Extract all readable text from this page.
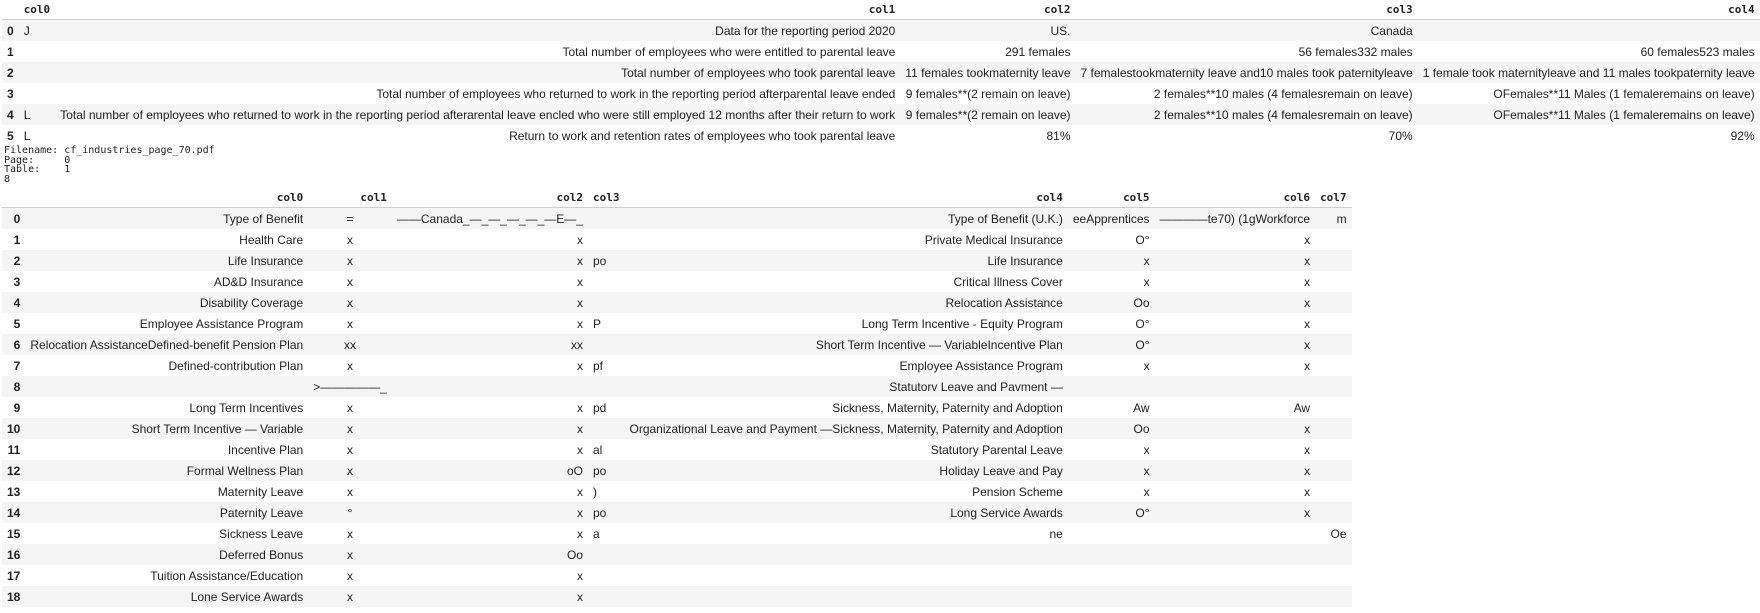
	col0	col1	col2	col3	col4
0	J	Data for the reporting period 2020	US.	Canada	
1		Total number of employees who were entitled to parental leave	291 females	56 females332 males	60 females523 males
2		Total number of employees who took parental leave	11 females tookmaternity leave	7 femalestookmaternity leave and10 males took paternityleave	1 female took maternityleave and 11 males tookpaternity leave
3		Total number of employees who returned to work in the reporting period afterparental leave ended	9 females**(2 remain on leave)	2 females**10 males (4 femalesremain on leave)	OFemales**11 Males (1 femaleremains on leave)
4	L	Total number of employees who returned to work in the reporting period afterarental leave encled who were still employed 12 months after their return to work	9 females**(2 remain on leave)	2 females**10 males (4 femalesremain on leave)	OFemales**11 Males (1 femaleremains on leave)
5	L	Return to work and retention rates of employees who took parental leave	81%	70%	92%
Filename: cf_industries_page_70.pdf
Page:     0
Table:    1
8
	col0	col1	col2	col3	col4	col5	col6	col7
0	Type of Benefit	=	——Canada_—_—_—_—_—E—_		Type of Benefit (U.K.)	eeApprentices	————te70) (1gWorkforce	m
1	Health Care	x	x		Private Medical Insurance	O°	x	
2	Life Insurance	x	x	po	Life Insurance	x	x	
3	AD&D Insurance	x	x		Critical Illness Cover	x	x	
4	Disability Coverage	x	x		Relocation Assistance	Oo	x	
5	Employee Assistance Program	x	x	P	Long Term Incentive - Equity Program	O°	x	
6	Relocation AssistanceDefined-benefit Pension Plan	xx	xx		Short Term Incentive — VariableIncentive Plan	O°	x	
7	Defined-contribution Plan	x	x	pf	Employee Assistance Program	x	x	
8		>—————_			Statutorv Leave and Pavment —			
9	Long Term Incentives	x	x	pd	Sickness, Maternity, Paternity and Adoption	Aw	Aw	
10	Short Term Incentive — Variable	x	x		Organizational Leave and Payment —Sickness, Maternity, Paternity and Adoption	Oo	x	
11	Incentive Plan	x	x	al	Statutory Parental Leave	x	x	
12	Formal Wellness Plan	x	oO	po	Holiday Leave and Pay	x	x	
13	Maternity Leave	x	x	)	Pension Scheme	x	x	
14	Paternity Leave	°	x	po	Long Service Awards	O°	x	
15	Sickness Leave	x	x	a	ne			Oe
16	Deferred Bonus	x	Oo					
17	Tuition Assistance/Education	x	x					
18	Lone Service Awards	x	x					
